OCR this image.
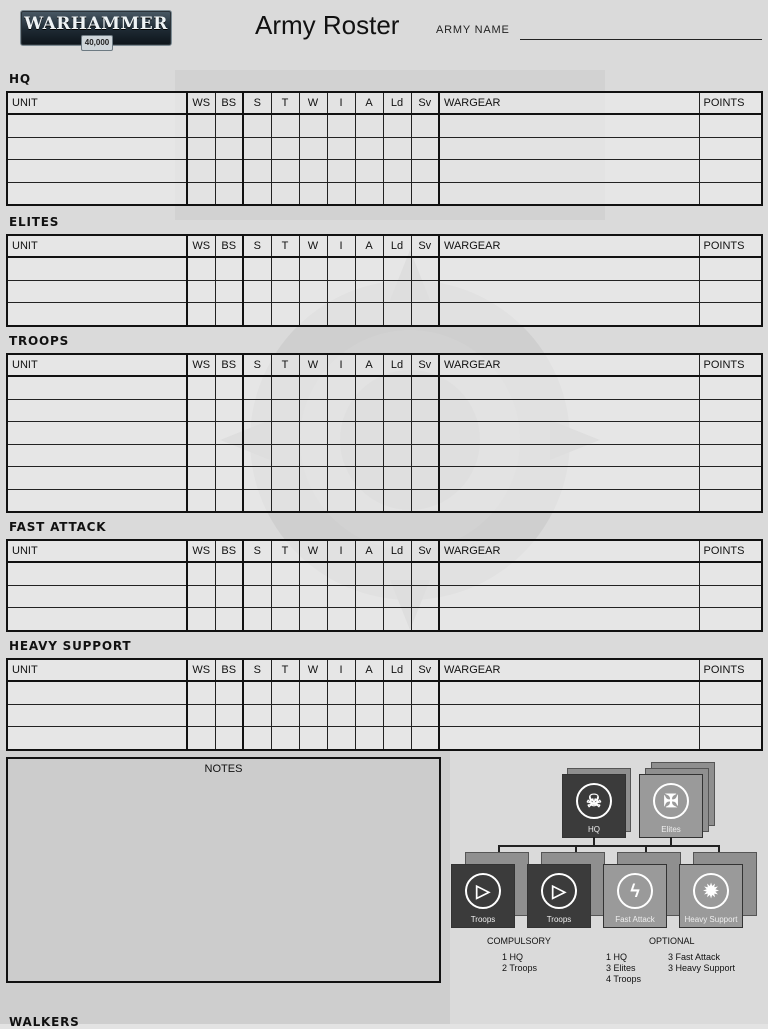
WARHAMMER
40,000
Army Roster	ARMY NAME
HQ
UNIT	WS	BS	S	T	W	I	A	Ld	Sv	WARGEAR	POINTS

ELITES
UNIT	WS	BS	S	T	W	I	A	Ld	Sv	WARGEAR	POINTS

TROOPS
UNIT	WS	BS	S	T	W	I	A	Ld	Sv	WARGEAR	POINTS

FAST ATTACK
UNIT	WS	BS	S	T	W	I	A	Ld	Sv	WARGEAR	POINTS

HEAVY SUPPORT
UNIT	WS	BS	S	T	W	I	A	Ld	Sv	WARGEAR	POINTS

NOTES
☠
HQ
✠
Elites
▷
Troops
▷
Troops
ϟ
Fast Attack
✹
Heavy Support
COMPULSORY	OPTIONAL
1 HQ
2 Troops
1 HQ
3 Elites
4 Troops
3 Fast Attack
3 Heavy Support
WALKERS
